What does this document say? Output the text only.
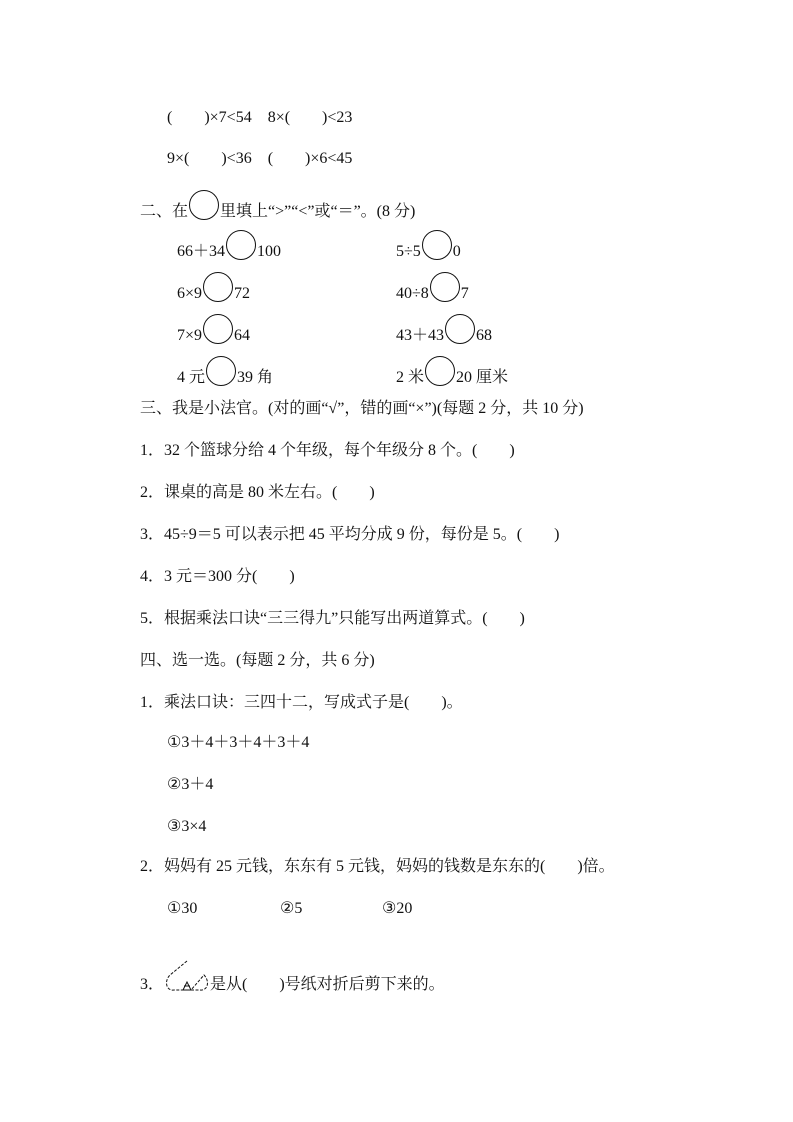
(　　)×7<54　8×(　　)<23
9×(　　)<36　(　　)×6<45
二、在 里填上“>”“<”或“＝”。(8 分)
66＋34 100	5÷5 0
6×9 72	40÷8 7
7×9 64	43＋43 68
4 元 39 角	2 米 20 厘米
三、我是小法官。(对的画“√”，错的画“×”)(每题 2 分，共 10 分)
1．32 个篮球分给 4 个年级，每个年级分 8 个。(　　)
2．课桌的高是 80 米左右。(　　)
3．45÷9＝5 可以表示把 45 平均分成 9 份，每份是 5。(　　)
4．3 元＝300 分(　　)
5．根据乘法口诀“三三得九”只能写出两道算式。(　　)
四、选一选。(每题 2 分，共 6 分)
1．乘法口诀：三四十二，写成式子是(　　)。
①3＋4＋3＋4＋3＋4
②3＋4
③3×4
2．妈妈有 25 元钱，东东有 5 元钱，妈妈的钱数是东东的(　　)倍。
①30	②5	③20
3．	是从(　　)号纸对折后剪下来的。
